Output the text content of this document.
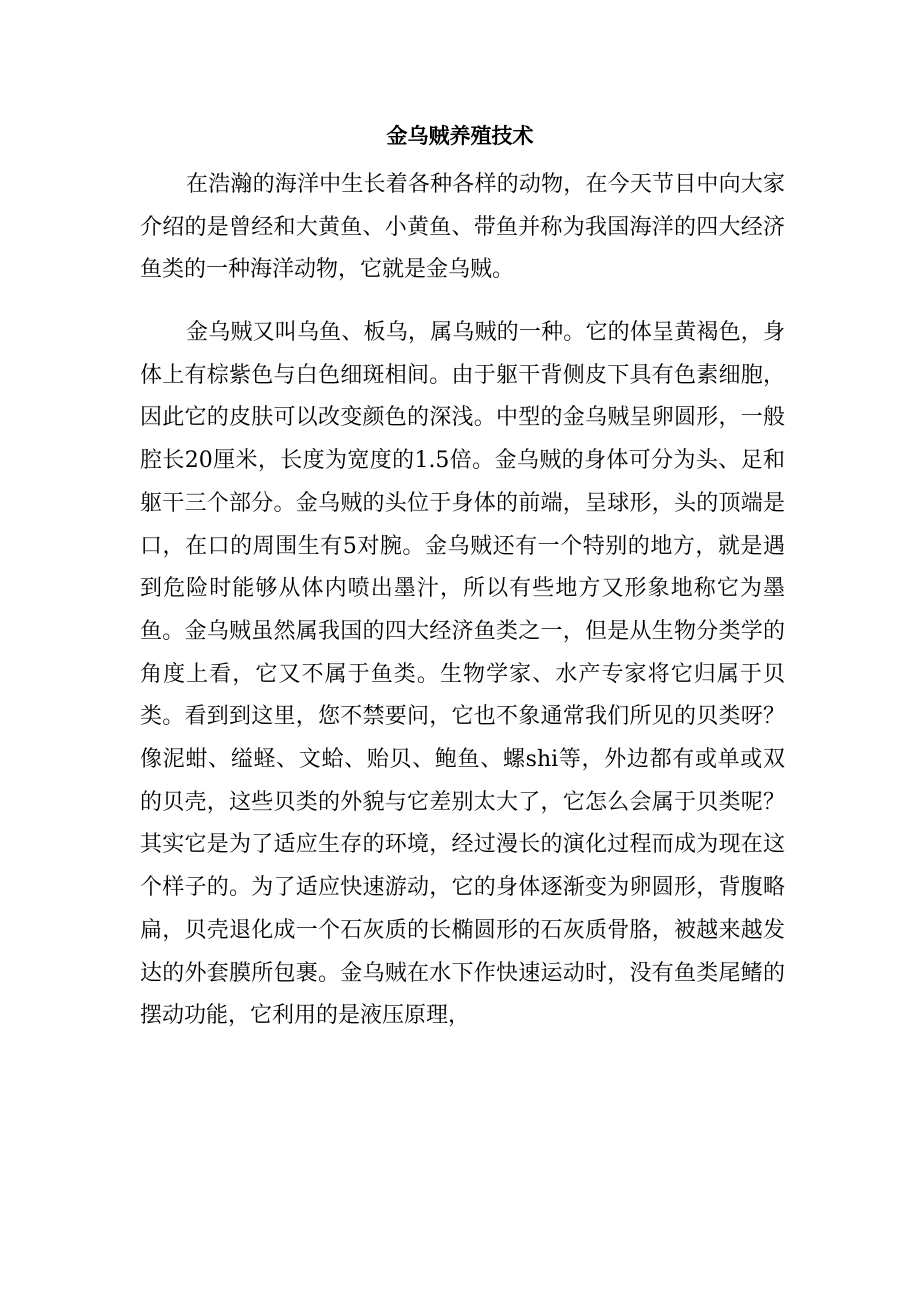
金乌贼养殖技术

在浩瀚的海洋中生长着各种各样的动物，在今天节目中向大家介绍的是曾经和大黄鱼、小黄鱼、带鱼并称为我国海洋的四大经济鱼类的一种海洋动物，它就是金乌贼。

金乌贼又叫乌鱼、板乌，属乌贼的一种。它的体呈黄褐色，身体上有棕紫色与白色细斑相间。由于躯干背侧皮下具有色素细胞，因此它的皮肤可以改变颜色的深浅。中型的金乌贼呈卵圆形，一般腔长20厘米，长度为宽度的1.5倍。金乌贼的身体可分为头、足和躯干三个部分。金乌贼的头位于身体的前端，呈球形，头的顶端是口，在口的周围生有5对腕。金乌贼还有一个特别的地方，就是遇到危险时能够从体内喷出墨汁，所以有些地方又形象地称它为墨鱼。金乌贼虽然属我国的四大经济鱼类之一，但是从生物分类学的角度上看，它又不属于鱼类。生物学家、水产专家将它归属于贝类。看到到这里，您不禁要问，它也不象通常我们所见的贝类呀？像泥蚶、缢蛏、文蛤、贻贝、鲍鱼、螺shi等，外边都有或单或双的贝壳，这些贝类的外貌与它差别太大了，它怎么会属于贝类呢？其实它是为了适应生存的环境，经过漫长的演化过程而成为现在这个样子的。为了适应快速游动，它的身体逐渐变为卵圆形，背腹略扁，贝壳退化成一个石灰质的长椭圆形的石灰质骨胳，被越来越发达的外套膜所包裹。金乌贼在水下作快速运动时，没有鱼类尾鳍的摆动功能，它利用的是液压原理，
